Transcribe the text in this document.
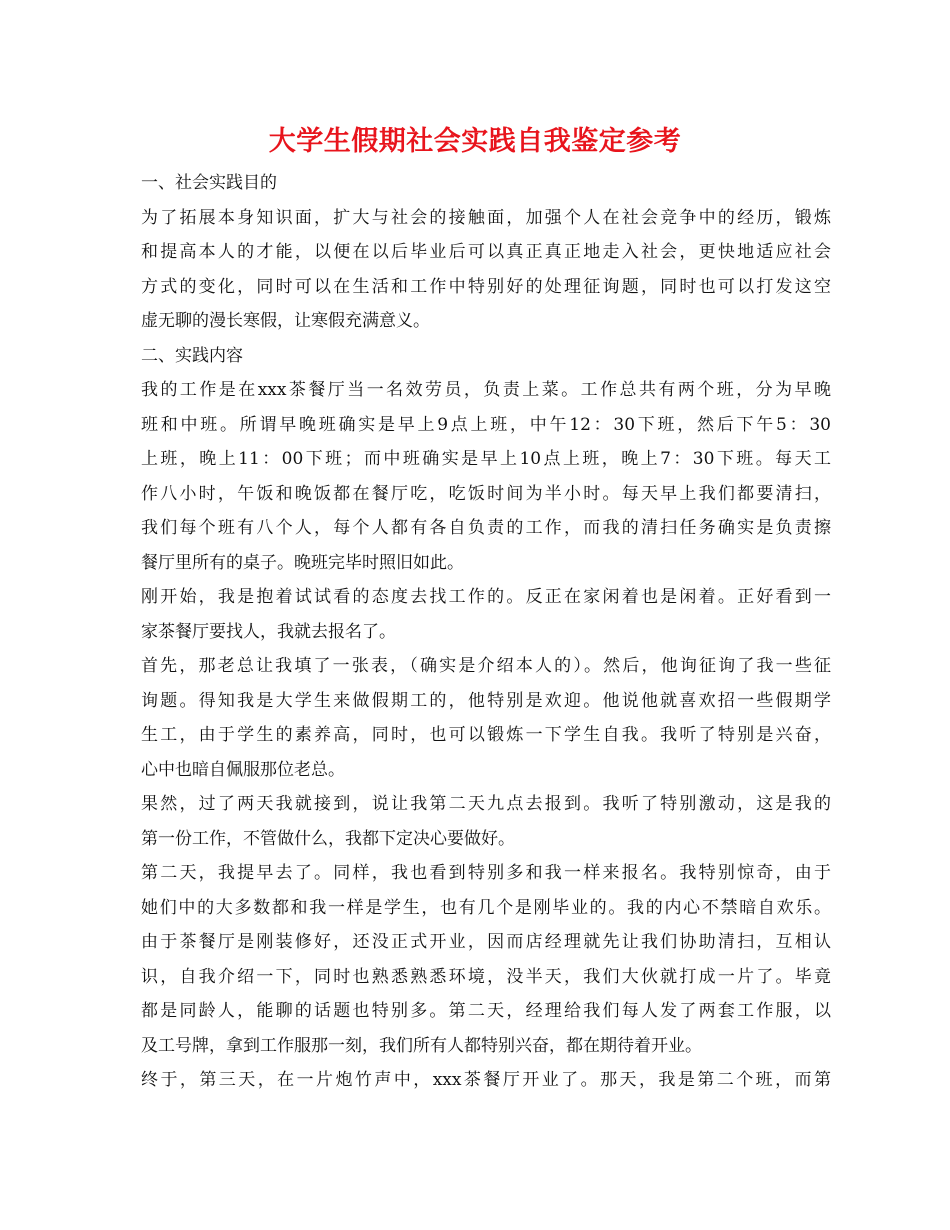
大学生假期社会实践自我鉴定参考
一、社会实践目的
为了拓展本身知识面，扩大与社会的接触面，加强个人在社会竞争中的经历，锻炼
和提高本人的才能，以便在以后毕业后可以真正真正地走入社会，更快地适应社会
方式的变化，同时可以在生活和工作中特别好的处理征询题，同时也可以打发这空
虚无聊的漫长寒假，让寒假充满意义。
二、实践内容
我的工作是在xxx茶餐厅当一名效劳员，负责上菜。工作总共有两个班，分为早晚
班和中班。所谓早晚班确实是早上9点上班，中午12：30下班，然后下午5：30
上班，晚上11：00下班；而中班确实是早上10点上班，晚上7：30下班。每天工
作八小时，午饭和晚饭都在餐厅吃，吃饭时间为半小时。每天早上我们都要清扫，
我们每个班有八个人，每个人都有各自负责的工作，而我的清扫任务确实是负责擦
餐厅里所有的桌子。晚班完毕时照旧如此。
刚开始，我是抱着试试看的态度去找工作的。反正在家闲着也是闲着。正好看到一
家茶餐厅要找人，我就去报名了。
首先，那老总让我填了一张表，（确实是介绍本人的）。然后，他询征询了我一些征
询题。得知我是大学生来做假期工的，他特别是欢迎。他说他就喜欢招一些假期学
生工，由于学生的素养高，同时，也可以锻炼一下学生自我。我听了特别是兴奋，
心中也暗自佩服那位老总。
果然，过了两天我就接到，说让我第二天九点去报到。我听了特别激动，这是我的
第一份工作，不管做什么，我都下定决心要做好。
第二天，我提早去了。同样，我也看到特别多和我一样来报名。我特别惊奇，由于
她们中的大多数都和我一样是学生，也有几个是刚毕业的。我的内心不禁暗自欢乐。
由于茶餐厅是刚装修好，还没正式开业，因而店经理就先让我们协助清扫，互相认
识，自我介绍一下，同时也熟悉熟悉环境，没半天，我们大伙就打成一片了。毕竟
都是同龄人，能聊的话题也特别多。第二天，经理给我们每人发了两套工作服，以
及工号牌，拿到工作服那一刻，我们所有人都特别兴奋，都在期待着开业。
终于，第三天，在一片炮竹声中，xxx茶餐厅开业了。那天，我是第二个班，而第
